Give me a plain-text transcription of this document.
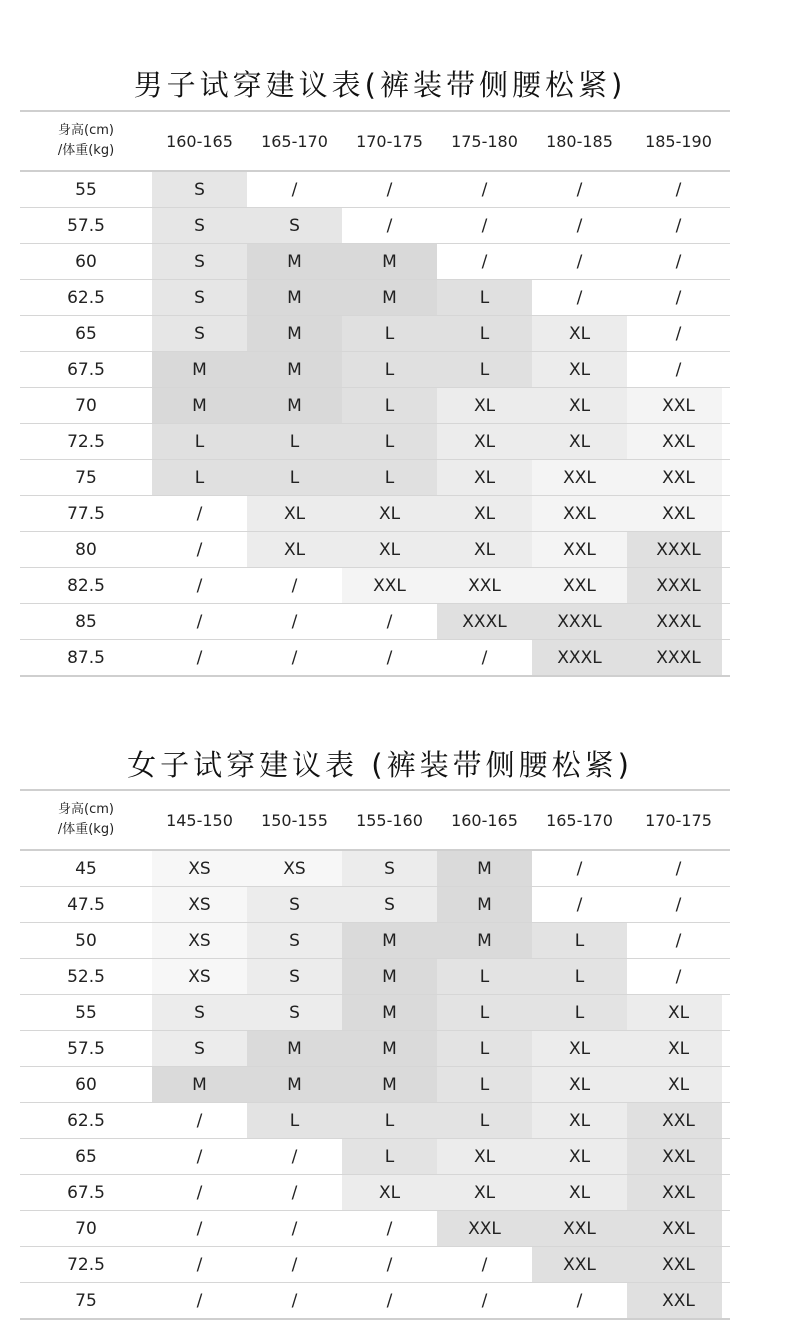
男子试穿建议表(裤装带侧腰松紧)
身高(cm)
/体重(kg)	160-165	165-170	170-175	175-180	180-185	185-190
55	S	/	/	/	/	/
57.5	S	S	/	/	/	/
60	S	M	M	/	/	/
62.5	S	M	M	L	/	/
65	S	M	L	L	XL	/
67.5	M	M	L	L	XL	/
70	M	M	L	XL	XL	XXL
72.5	L	L	L	XL	XL	XXL
75	L	L	L	XL	XXL	XXL
77.5	/	XL	XL	XL	XXL	XXL
80	/	XL	XL	XL	XXL	XXXL
82.5	/	/	XXL	XXL	XXL	XXXL
85	/	/	/	XXXL	XXXL	XXXL
87.5	/	/	/	/	XXXL	XXXL
女子试穿建议表 (裤装带侧腰松紧)
身高(cm)
/体重(kg)	145-150	150-155	155-160	160-165	165-170	170-175
45	XS	XS	S	M	/	/
47.5	XS	S	S	M	/	/
50	XS	S	M	M	L	/
52.5	XS	S	M	L	L	/
55	S	S	M	L	L	XL
57.5	S	M	M	L	XL	XL
60	M	M	M	L	XL	XL
62.5	/	L	L	L	XL	XXL
65	/	/	L	XL	XL	XXL
67.5	/	/	XL	XL	XL	XXL
70	/	/	/	XXL	XXL	XXL
72.5	/	/	/	/	XXL	XXL
75	/	/	/	/	/	XXL
